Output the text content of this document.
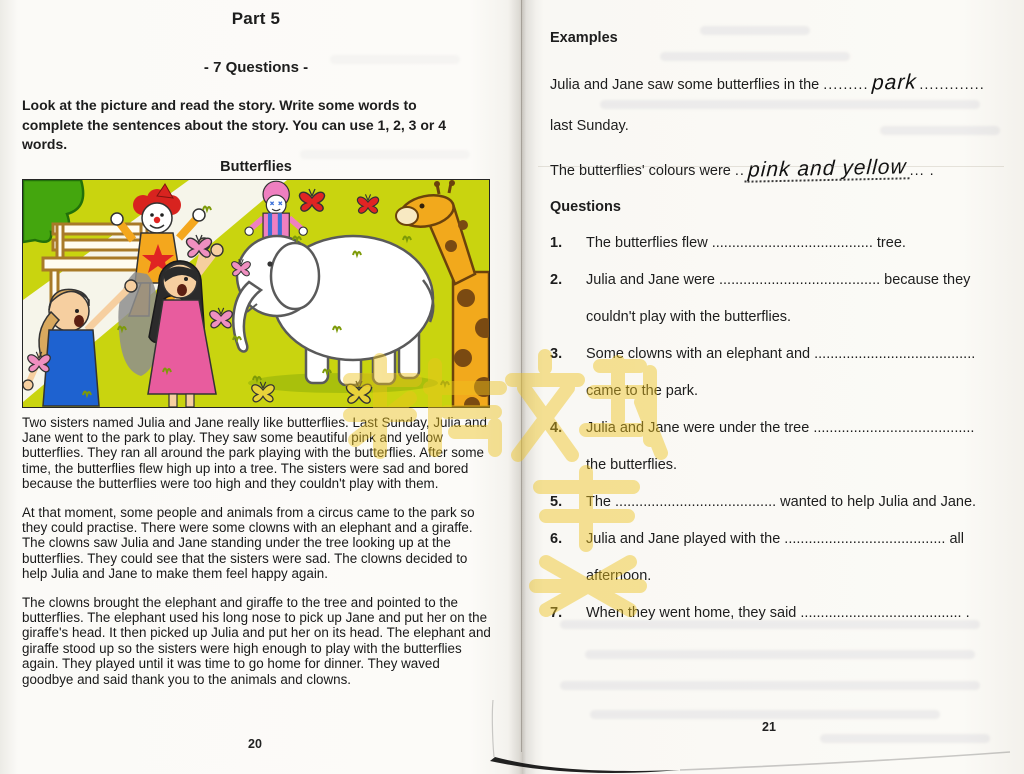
Part 5
- 7 Questions -
Look at the picture and read the story. Write some words to complete the sentences about the story. You can use 1, 2, 3 or 4 words.
Butterflies

Two sisters named Julia and Jane really like butterflies. Last Sunday, Julia and Jane went to the park to play. They saw some beautiful pink and yellow butterflies. They ran all around the park playing with the butterflies. After some time, the butterflies flew high up into a tree. The sisters were sad and bored because the butterflies were too high and they couldn't play with them.

At that moment, some people and animals from a circus came to the park so they could practise. There were some clowns with an elephant and a giraffe. The clowns saw Julia and Jane standing under the tree looking up at the butterflies. They could see that the sisters were sad. The clowns decided to help Julia and Jane to make them feel happy again.

The clowns brought the elephant and giraffe to the tree and pointed to the butterflies. The elephant used his long nose to pick up Jane and put her on the giraffe's head. It then picked up Julia and put her on its head. The elephant and giraffe stood up so the sisters were high enough to play with the butterflies again. They played until it was time to go home for dinner. They waved goodbye and said thank you to the animals and clowns.

20
Examples
Julia and Jane saw some butterflies in the ......... park .............
last Sunday.
The butterflies' colours were .. pink and yellow ... .
Questions
1.	The butterflies flew ........................................ tree.
2.	Julia and Jane were ........................................ because they
couldn't play with the butterflies.
3.	Some clowns with an elephant and ........................................
came to the park.
4.	Julia and Jane were under the tree ........................................
the butterflies.
5.	The ........................................ wanted to help Julia and Jane.
6.	Julia and Jane played with the ........................................ all
afternoon.
7.	When they went home, they said ........................................ .
21
